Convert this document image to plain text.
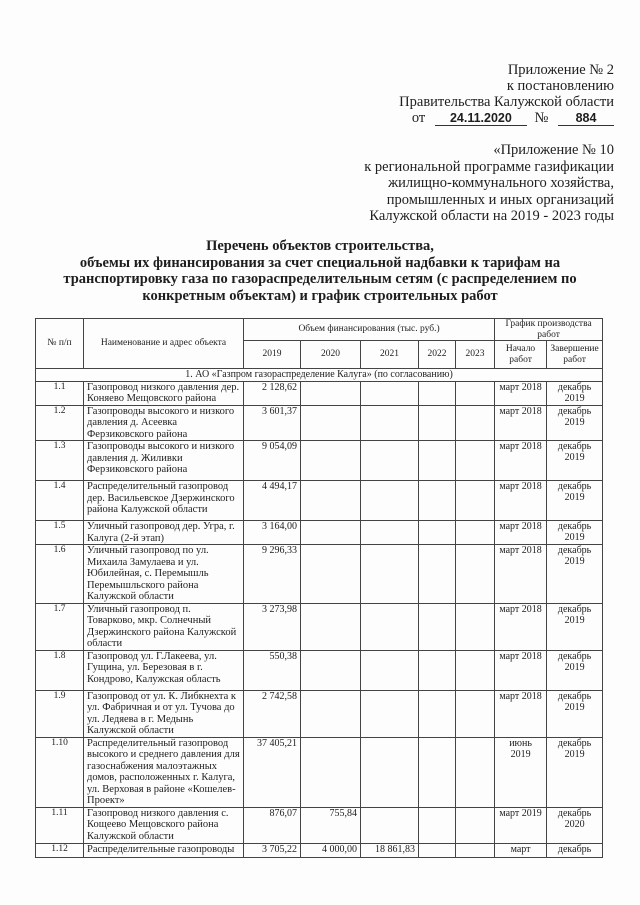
Приложение № 2
к постановлению
Правительства Калужской области
от 24.11.2020 № 884
«Приложение № 10
к региональной программе газификации
жилищно-коммунального хозяйства,
промышленных и иных организаций
Калужской области на 2019 - 2023 годы
Перечень объектов строительства,
объемы их финансирования за счет специальной надбавки к тарифам на
транспортировку газа по газораспределительным сетям (с распределением по
конкретным объектам) и график строительных работ
№ п/п	Наименование и адрес объекта	Объем финансирования (тыс. руб.)					График производства работ	
		2019	2020	2021	2022	2023	Начало работ	Завершение работ
1. АО «Газпром газораспределение Калуга» (по согласованию)								
1.1	Газопровод низкого давления дер. Коняево Мещовского района	2 128,62					март 2018	декабрь 2019
1.2	Газопроводы высокого и низкого давления д. Асеевка Ферзиковского района	3 601,37					март 2018	декабрь 2019
1.3	Газопроводы высокого и низкого давления д. Жиливки Ферзиковского района	9 054,09					март 2018	декабрь 2019
1.4	Распределительный газопровод дер. Васильевское Дзержинского района Калужской области	4 494,17					март 2018	декабрь 2019
1.5	Уличный газопровод дер. Угра, г. Калуга (2-й этап)	3 164,00					март 2018	декабрь 2019
1.6	Уличный газопровод по ул. Михаила Замулаева и ул. Юбилейная, с. Перемышль Перемышльского района Калужской области	9 296,33					март 2018	декабрь 2019
1.7	Уличный газопровод п. Товарково, мкр. Солнечный Дзержинского района Калужской области	3 273,98					март 2018	декабрь 2019
1.8	Газопровод ул. Г.Лакеева, ул. Гущина, ул. Березовая в г. Кондрово, Калужская область	550,38					март 2018	декабрь 2019
1.9	Газопровод от ул. К. Либкнехта к ул. Фабричная и от ул. Тучова до ул. Ледяева в г. Медынь Калужской области	2 742,58					март 2018	декабрь 2019
1.10	Распределительный газопровод высокого и среднего давления для газоснабжения малоэтажных домов, расположенных г. Калуга, ул. Верховая в районе «Кошелев-Проект»	37 405,21					июнь 2019	декабрь 2019
1.11	Газопровод низкого давления с. Кощеево Мещовского района Калужской области	876,07	755,84				март 2019	декабрь 2020
1.12	Распределительные газопроводы	3 705,22	4 000,00	18 861,83			март	декабрь
